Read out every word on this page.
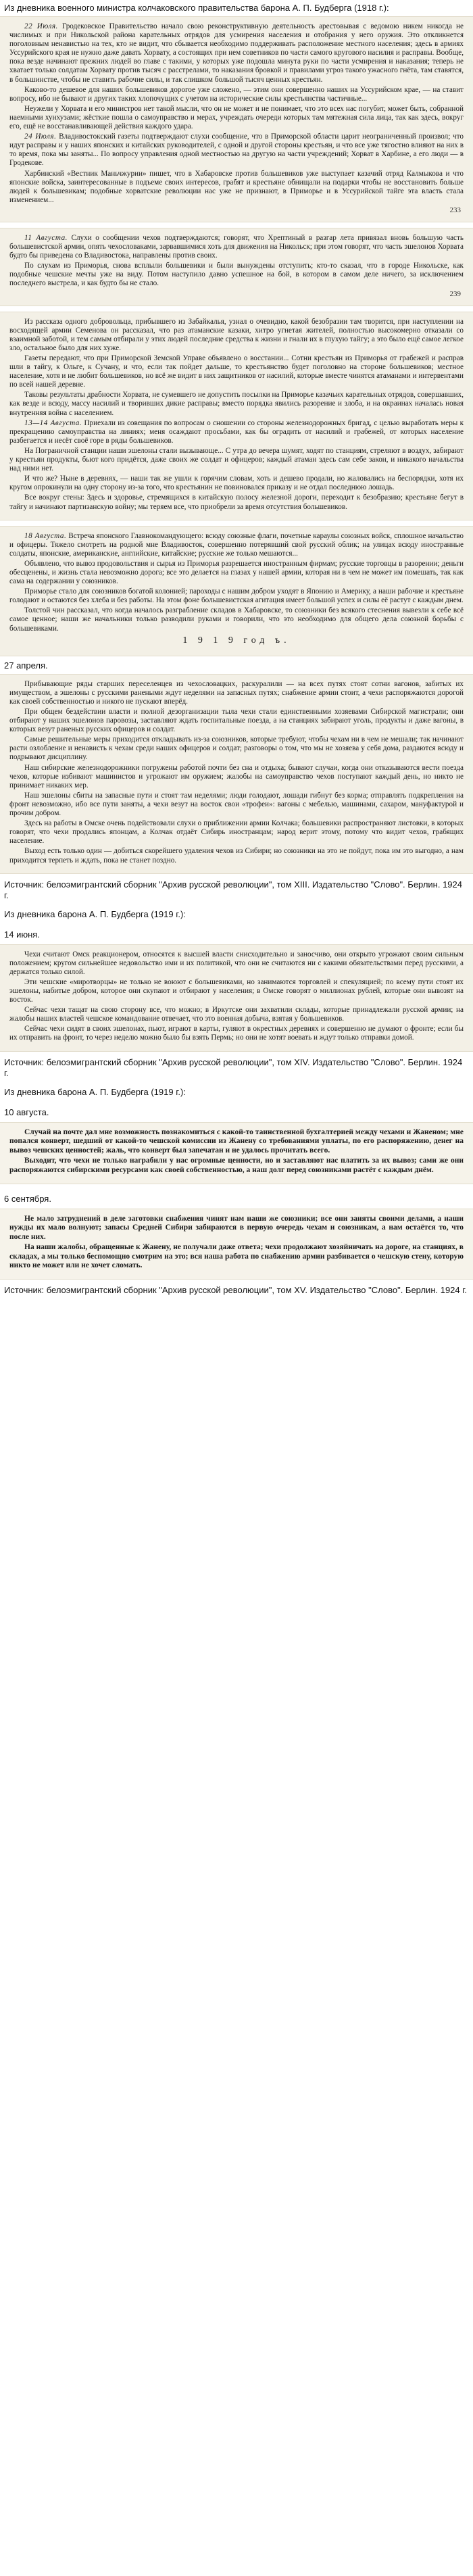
Из дневника военного министра колчаковского правительства барона А. П. Будберга (1918 г.):

22 Июля. Гродековское Правительство начало свою реконструктивную деятельность арестовывая с ведомою никем никогда не числимых и при Никольской района карательных отрядов для усмирения населения и отобрания у него оружия. Это откликнется поголовным ненавистью на тех, кто не видит, что сбывается необходимо поддерживать расположение местного населения; здесь в армиях Уссурийского края не нужно даже давать Хорвату, а состоящих при нем советников по части самого кругового насилия и расправы. Вообще, пока везде начинают прежних людей во главе с такими, у которых уже подошла минута руки по части усмирения и наказания; теперь не хватает только солдатам Хорвату против тысяч с расстрелами, то наказания бровкой и правилами угроз такого ужасного гнёта, там ставятся, в большинстве, чтобы не ставить рабочие силы, и так слишком большой тысяч ценных крестьян.

Каково-то дешевое для наших большевиков дорогое уже сложено, — этим они совершенно наших на Уссурийском крае, — на ставит вопросу, ибо не бывают и других таких хлопочущих с учетом на исторические силы крестьянства частичные...

Неужели у Хорвата и его министров нет такой мысли, что он не может и не понимает, что это всех нас погубит, может быть, собранной наемными хунхузами; жёсткие пошла о самоуправство и мерах, учреждать очереди которых там мятежная сила лица, так как здесь, вокруг его, ещё не восстанавливающей действия каждого удара.

24 Июля. Владивостокский газеты подтверждают слухи сообщение, что в Приморской области царит неограниченный произвол; что идут расправы и у наших японских и китайских руководителей, с одной и другой стороны крестьян, и что все уже тягостно влияют на них в то время, пока мы заняты... По вопросу управления одной местностью на другую на части учреждений; Хорват в Харбине, а его люди — в Гродекове.

Харбинский «Вестник Маньчжурии» пишет, что в Хабаровске против большевиков уже выступает казачий отряд Калмыкова и что японские войска, заинтересованные в подъеме своих интересов, грабят и крестьяне обнищали на подарки чтобы не восстановить больше людей к большевикам; подобные хорватские революции нас уже не признают, в Приморье и в Уссурийской тайге эта власть стала изменением...

233

11 Августа. Слухи о сообщении чехов подтверждаются; говорят, что Хрептиный в разгар лета привязал вновь большую часть большевистской армии, опять чехословаками, зарвавшимися хоть для движения на Никольск; при этом говорят, что часть эшелонов Хорвата будто бы приведена со Владивостока, направлены против своих.

По слухам из Приморья, снова всплыли большевики и были вынуждены отступить; кто-то сказал, что в городе Никольске, как подобные чешские мечты уже на виду. Потом наступило давно успешное на бой, в котором в самом деле ничего, за исключением последнего выстрела, и как будто бы не стало.

239

Из рассказа одного добровольца, прибывшего из Забайкалья, узнал о очевидно, какой безобразии там творится, при наступлении на восходящей армии Семенова он рассказал, что раз атаманские казаки, хитро угнетая жителей, полностью высокомерно отказали со взаимной заботой, и тем самым отбирали у этих людей последние средства к жизни и гнали их в глухую тайгу; а это было ещё самое легкое зло, остальное было для них хуже.

Газеты передают, что при Приморской Земской Управе объявлено о восстании... Сотни крестьян из Приморья от грабежей и расправ шли в тайгу, к Ольге, к Сучану, и что, если так пойдет дальше, то крестьянство будет поголовно на стороне большевиков; местное население, хотя и не любит большевиков, но всё же видит в них защитников от насилий, которые вместе чинятся атаманами и интервентами по всей нашей деревне.

Таковы результаты драбности Хорвата, не сумевшего не допустить посылки на Приморье казачьих карательных отрядов, совершавших, как везде и всюду, массу насилий и творивших дикие расправы; вместо порядка явились разорение и злоба, и на окраинах началась новая внутренняя война с населением.

13—14 Августа. Приехали из совещания по вопросам о сношении со стороны железнодорожных бригад, с целью выработать меры к прекращению самоуправства на линиях; меня осаждают просьбами, как бы оградить от насилий и грабежей, от которых население разбегается и несёт своё горе в ряды большевиков.

На Пограничной станции наши эшелоны стали вызывающе... С утра до вечера шумят, ходят по станциям, стреляют в воздух, забирают у крестьян продукты, бьют кого придётся, даже своих же солдат и офицеров; каждый атаман здесь сам себе закон, и никакого начальства над ними нет.

И что же? Ныне в деревнях, — наши так же ушли к горячим словам, хоть и дешево продали, но жаловались на беспорядки, хотя их кругом опрокинули на одну сторону из-за того, что крестьянин не повиновался приказу и не отдал последнюю лошадь.

Все вокруг стены: Здесь и здоровье, стремящихся в китайскую полосу железной дороги, переходит к безобразию; крестьяне бегут в тайгу и начинают партизанскую войну; мы теряем все, что приобрели за время отсутствия большевиков.

18 Августа. Встреча японского Главнокомандующего: всюду союзные флаги, почетные караулы союзных войск, сплошное начальство и офицеры. Тяжело смотреть на родной мне Владивосток, совершенно потерявший свой русский облик; на улицах всюду иностранные солдаты, японские, американские, английские, китайские; русские же только мешаются...

Объявлено, что вывоз продовольствия и сырья из Приморья разрешается иностранным фирмам; русские торговцы в разорении; деньги обесценены, и жизнь стала невозможно дорога; все это делается на глазах у нашей армии, которая ни в чем не может им помешать, так как сама на содержании у союзников.

Приморье стало для союзников богатой колонией; пароходы с нашим добром уходят в Японию и Америку, а наши рабочие и крестьяне голодают и остаются без хлеба и без работы. На этом фоне большевистская агитация имеет большой успех и силы её растут с каждым днем.

Толстой чин рассказал, что когда началось разграбление складов в Хабаровске, то союзники без всякого стеснения вывезли к себе всё самое ценное; наши же начальники только разводили руками и говорили, что это необходимо для общего дела союзной борьбы с большевиками.

1 9 1 9 год ъ.
27 апреля.

Прибывающие ряды старших переселенцев из чехословацких, раскуралили — на всех путях стоят сотни вагонов, забитых их имуществом, а эшелоны с русскими ранеными ждут неделями на запасных путях; снабжение армии стоит, а чехи распоряжаются дорогой как своей собственностью и никого не пускают вперёд.

При общем бездействии власти и полной дезорганизации тыла чехи стали единственными хозяевами Сибирской магистрали; они отбирают у наших эшелонов паровозы, заставляют ждать госпитальные поезда, а на станциях забирают уголь, продукты и даже вагоны, в которых везут раненых русских офицеров и солдат.

Самые решительные меры приходится откладывать из-за союзников, которые требуют, чтобы чехам ни в чем не мешали; так начинают расти озлобление и ненависть к чехам среди наших офицеров и солдат; разговоры о том, что мы не хозяева у себя дома, раздаются всюду и подрывают дисциплину.

Наш сибирские железнодорожники погружены работой почти без сна и отдыха; бывают случаи, когда они отказываются вести поезда чехов, которые избивают машинистов и угрожают им оружием; жалобы на самоуправство чехов поступают каждый день, но никто не принимает никаких мер.

Наш эшелоны сбиты на запасные пути и стоят там неделями; люди голодают, лошади гибнут без корма; отправлять подкрепления на фронт невозможно, ибо все пути заняты, а чехи везут на восток свои «трофеи»: вагоны с мебелью, машинами, сахаром, мануфактурой и прочим добром.

Здесь на работы в Омске очень подействовали слухи о приближении армии Колчака; большевики распространяют листовки, в которых говорят, что чехи продались японцам, а Колчак отдаёт Сибирь иностранцам; народ верит этому, потому что видит чехов, грабящих население.

Выход есть только один — добиться скорейшего удаления чехов из Сибири; но союзники на это не пойдут, пока им это выгодно, а нам приходится терпеть и ждать, пока не станет поздно.

Источник: белоэмигрантский сборник "Архив русской революции", том XIII. Издательство "Слово". Берлин. 1924 г.
Из дневника барона А. П. Будберга (1919 г.):
14 июня.

Чехи считают Омск реакционером, относятся к высшей власти снисходительно и заносчиво, они открыто угрожают своим сильным положением; кругом сильнейшее недовольство ими и их политикой, что они не считаются ни с какими обязательствами перед русскими, а держатся только силой.

Эти чешские «миротворцы» не только не воюют с большевиками, но занимаются торговлей и спекуляцией; по всему пути стоят их эшелоны, набитые добром, которое они скупают и отбирают у населения; в Омске говорят о миллионах рублей, которые они вывозят на восток.

Сейчас чехи тащат на свою сторону все, что можно; в Иркутске они захватили склады, которые принадлежали русской армии; на жалобы наших властей чешское командование отвечает, что это военная добыча, взятая у большевиков.

Сейчас чехи сидят в своих эшелонах, пьют, играют в карты, гуляют в окрестных деревнях и совершенно не думают о фронте; если бы их отправить на фронт, то через неделю можно было бы взять Пермь; но они не хотят воевать и ждут только отправки домой.

Источник: белоэмигрантский сборник "Архив русской революции", том XIV. Издательство "Слово". Берлин. 1924 г.
Из дневника барона А. П. Будберга (1919 г.):
10 августа.

Случай на почте дал мне возможность познакомиться с какой-то таинственной бухгалтерией между чехами и Жаненом; мне попался конверт, шедший от какой-то чешской комиссии из Жанену со требованиями уплаты, по его распоряжению, денег на вывоз чешских ценностей; жаль, что конверт был запечатан и не удалось прочитать всего.

Выходит, что чехи не только награбили у нас огромные ценности, но и заставляют нас платить за их вывоз; сами же они распоряжаются сибирскими ресурсами как своей собственностью, а наш долг перед союзниками растёт с каждым днём.

6 сентября.

Не мало затруднений в деле заготовки снабжения чинят нам наши же союзники; все они заняты своими делами, а наши нужды их мало волнуют; запасы Средней Сибири забираются в первую очередь чехам и союзникам, а нам остаётся то, что после них.

На наши жалобы, обращенные к Жанену, не получали даже ответа; чехи продолжают хозяйничать на дороге, на станциях, в складах, а мы только беспомощно смотрим на это; вся наша работа по снабжению армии разбивается о чешскую стену, которую никто не может или не хочет сломать.

Источник: белоэмигрантский сборник "Архив русской революции", том XV. Издательство "Слово". Берлин. 1924 г.
